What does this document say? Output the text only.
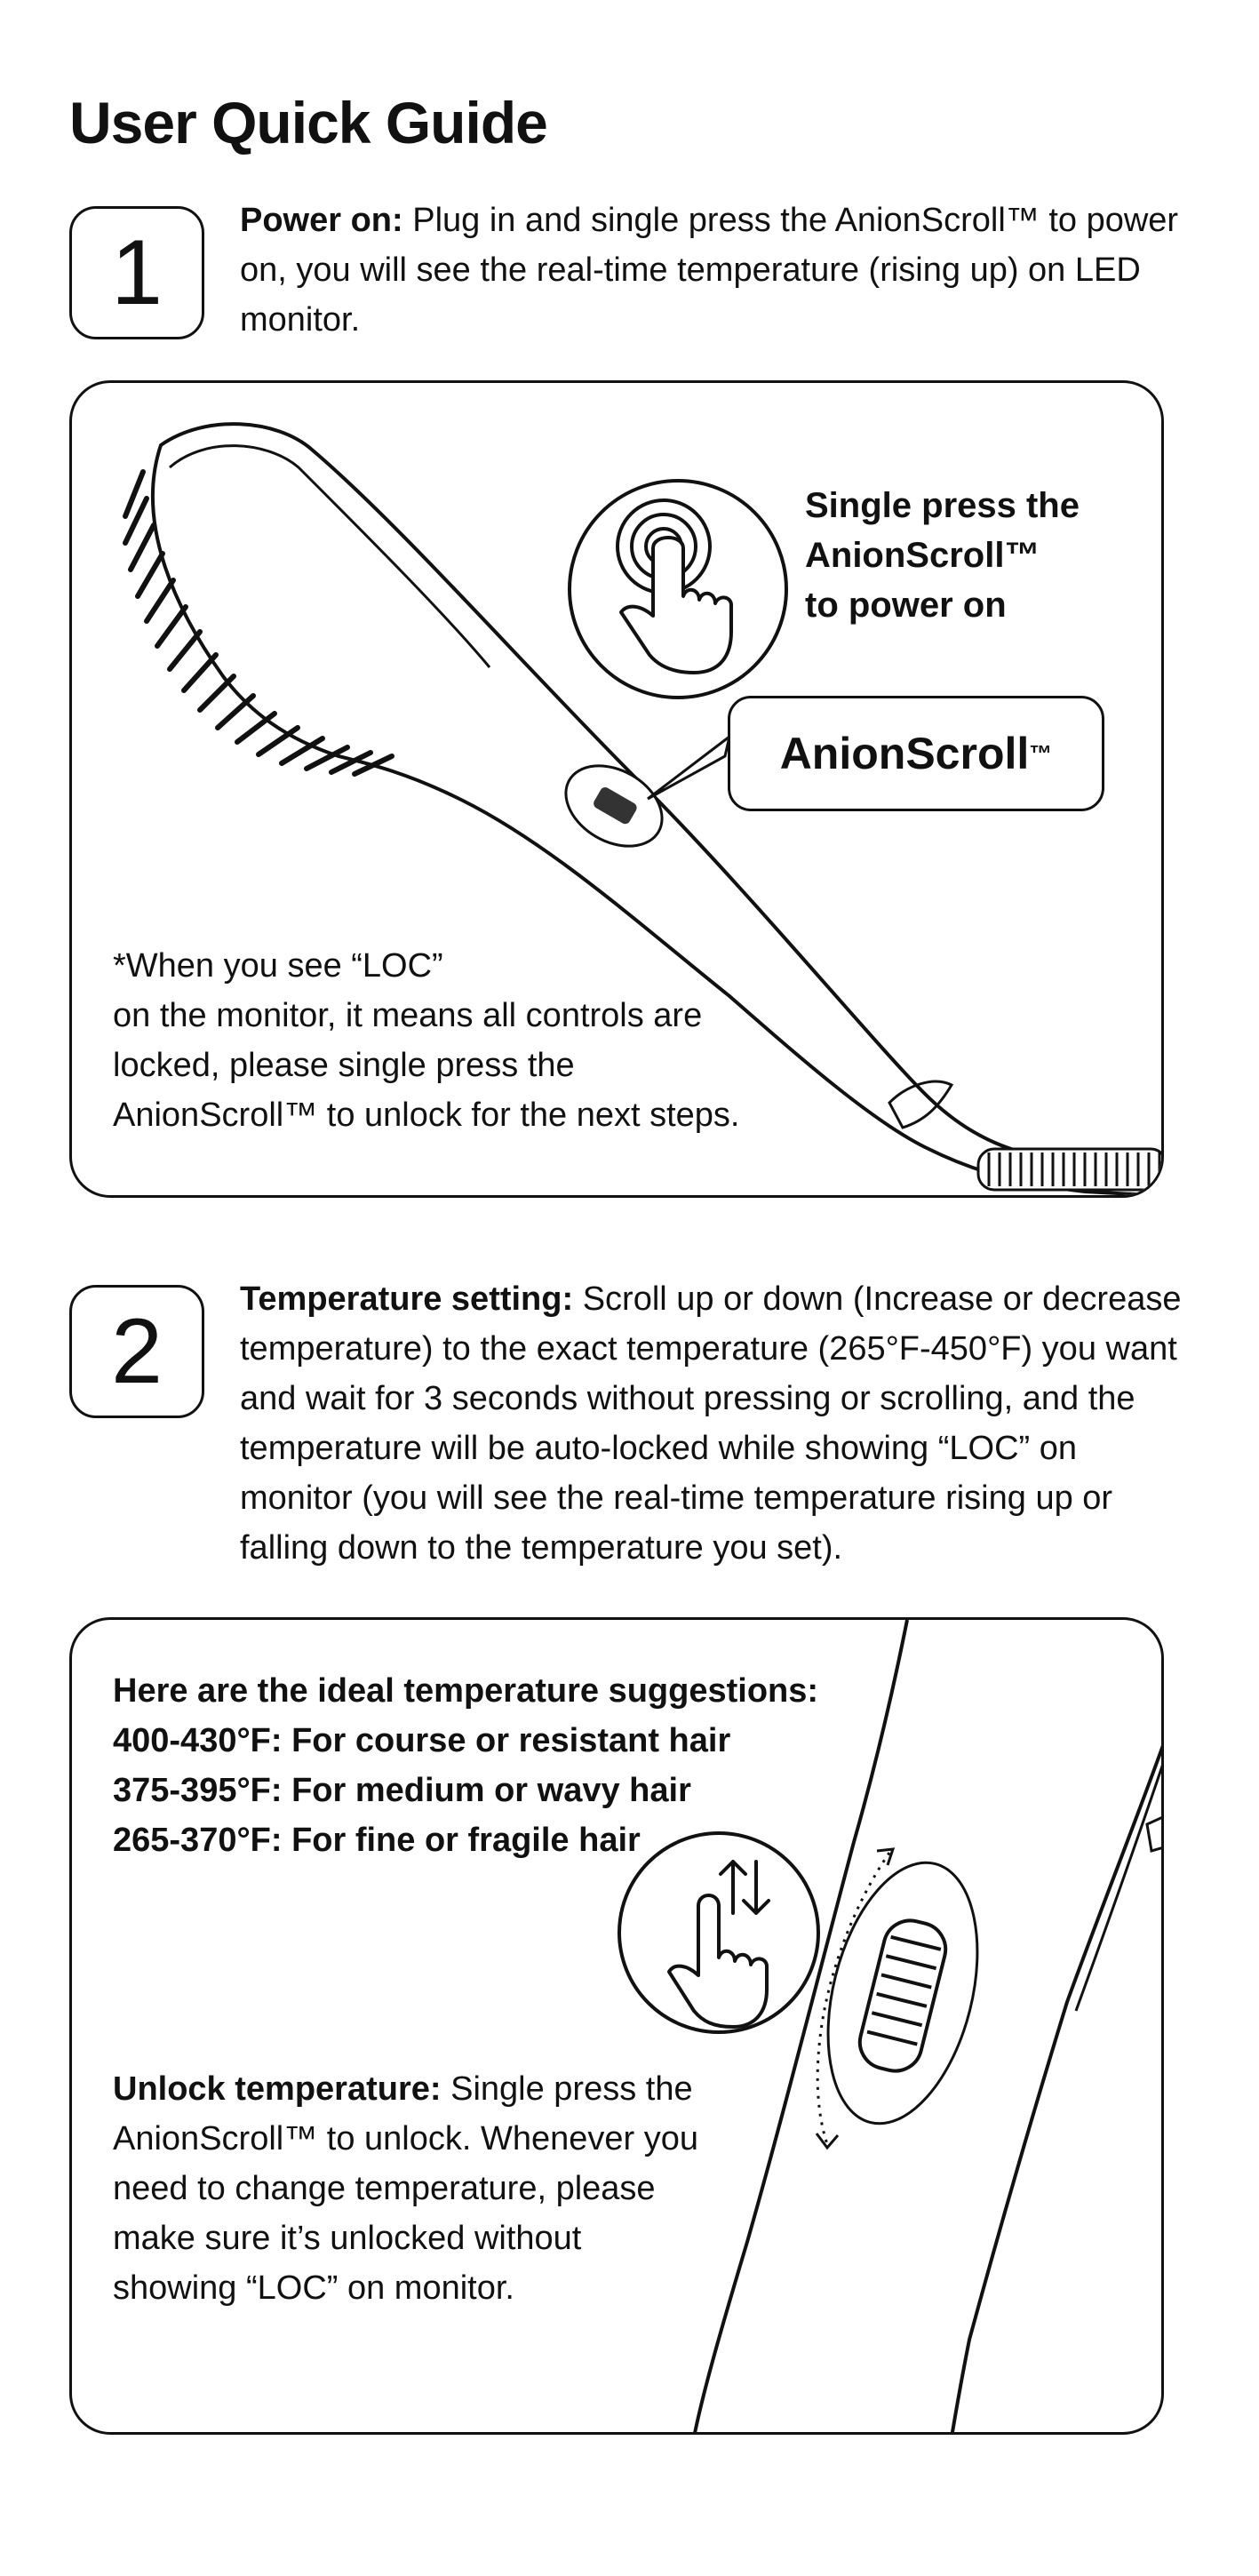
User Quick Guide
1
Power on: Plug in and single press the AnionScroll™ to power on, you will see the real-time temperature (rising up) on LED monitor.
Single press the
AnionScroll™
to power on
AnionScroll ™
*When you see “LOC”
on the monitor, it means all controls are
locked, please single press the
AnionScroll™ to unlock for the next steps.
2
Temperature setting: Scroll up or down (Increase or decrease temperature) to the exact temperature (265°F-450°F) you want and wait for 3 seconds without pressing or scrolling, and the temperature will be auto-locked while showing “LOC” on monitor (you will see the real-time temperature rising up or falling down to the temperature you set).
Here are the ideal temperature suggestions:
400-430°F: For course or resistant hair
375-395°F: For medium or wavy hair
265-370°F: For fine or fragile hair
Unlock temperature: Single press the
AnionScroll™ to unlock. Whenever you
need to change temperature, please
make sure it’s unlocked without
showing “LOC” on monitor.
